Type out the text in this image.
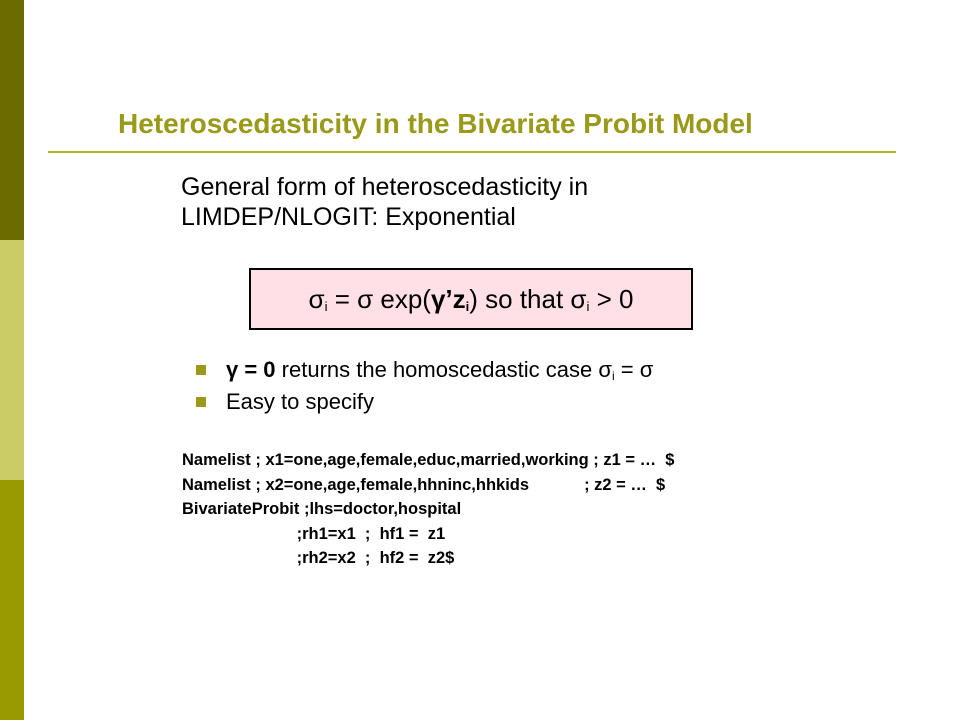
Heteroscedasticity in the Bivariate Probit Model
General form of heteroscedasticity in
LIMDEP/NLOGIT: Exponential
$\sigma_i = \sigma$ $\exp(\gamma’z_i)$ so that $\sigma_i > 0$
γ = 0 returns the homoscedastic case $\sigma_i = \sigma$
Easy to specify
Namelist ; x1=one,age,female,educ,married,working ; z1 = …  $
Namelist ; x2=one,age,female,hhninc,hhkids            ; z2 = …  $
BivariateProbit ;lhs=doctor,hospital
;rh1=x1  ;  hf1 =  z1
;rh2=x2  ;  hf2 =  z2$
